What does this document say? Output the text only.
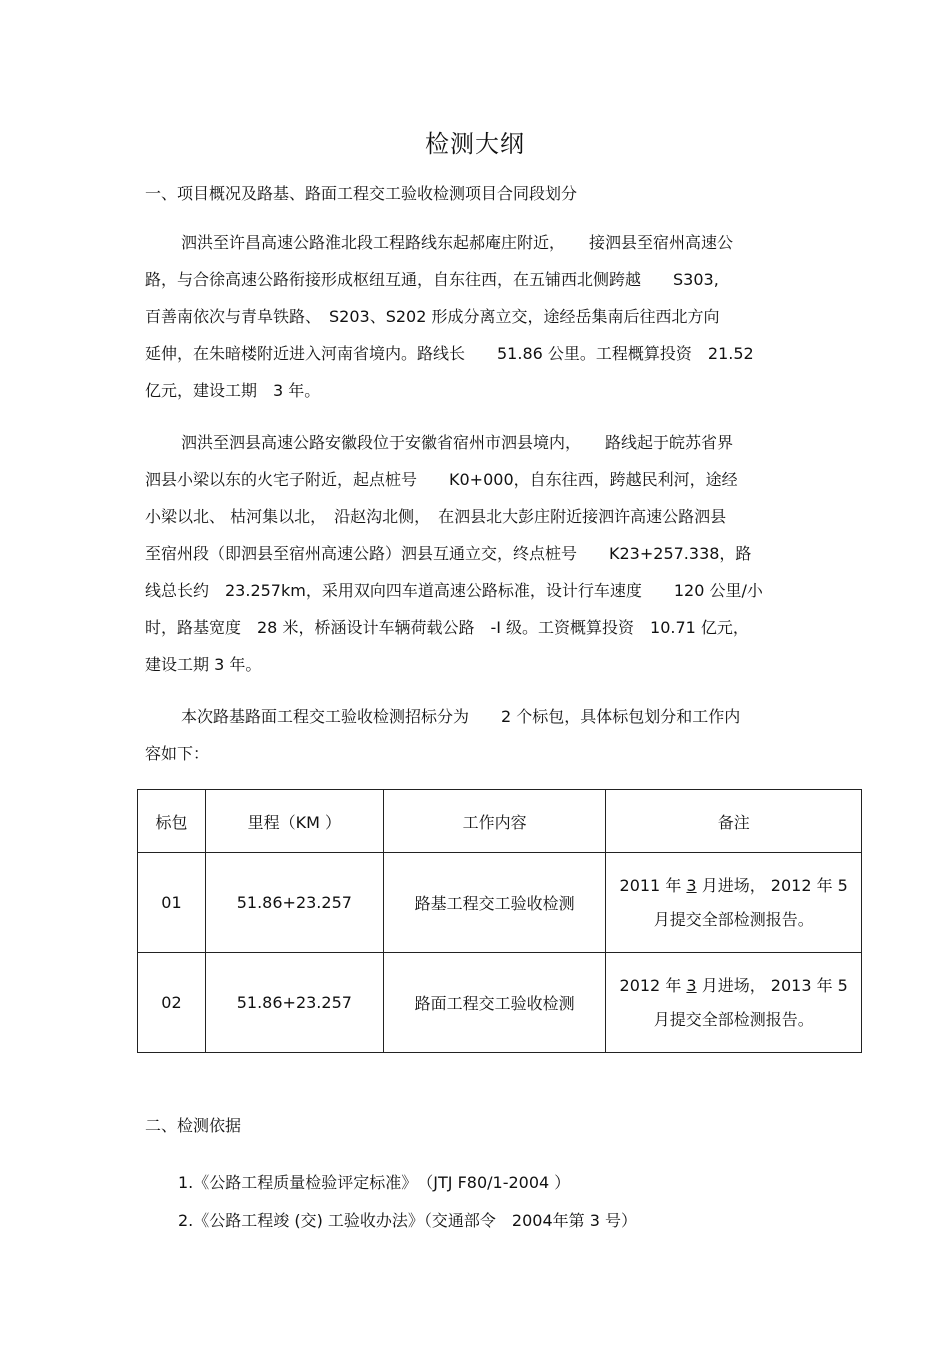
检测大纲
一、项目概况及路基、路面工程交工验收检测项目合同段划分
泗洪至许昌高速公路淮北段工程路线东起郝庵庄附近，　　接泗县至宿州高速公
路，与合徐高速公路衔接形成枢纽互通，自东往西，在五铺西北侧跨越　　S303,
百善南依次与青阜铁路、　S203、S202 形成分离立交，途经岳集南后往西北方向
延伸，在朱暗楼附近进入河南省境内。路线长　　51.86 公里。工程概算投资　21.52
亿元，建设工期　3 年。
泗洪至泗县高速公路安徽段位于安徽省宿州市泗县境内，　　路线起于皖苏省界
泗县小梁以东的火宅子附近，起点桩号　　K0+000，自东往西，跨越民利河，途经
小梁以北、 枯河集以北，　沿赵沟北侧，　在泗县北大彭庄附近接泗许高速公路泗县
至宿州段（即泗县至宿州高速公路）泗县互通立交，终点桩号　　K23+257.338，路
线总长约　23.257km，采用双向四车道高速公路标准，设计行车速度　　120 公里/小
时，路基宽度　28 米，桥涵设计车辆荷载公路　-I 级。工资概算投资　10.71 亿元，
建设工期 3 年。
本次路基路面工程交工验收检测招标分为　　2 个标包，具体标包划分和工作内
容如下：
标包	里程（KM ）	工作内容	备注
01	51.86+23.257	路基工程交工验收检测	2011 年 3 月进场， 2012 年 5
月提交全部检测报告。

02	51.86+23.257	路面工程交工验收检测	2012 年 3 月进场， 2013 年 5
月提交全部检测报告。
二、检测依据
1.《公路工程质量检验评定标准》　（JTJ F80/1-2004 ）
2.《公路工程竣 (交) 工验收办法》（交通部令　2004年第 3 号）
